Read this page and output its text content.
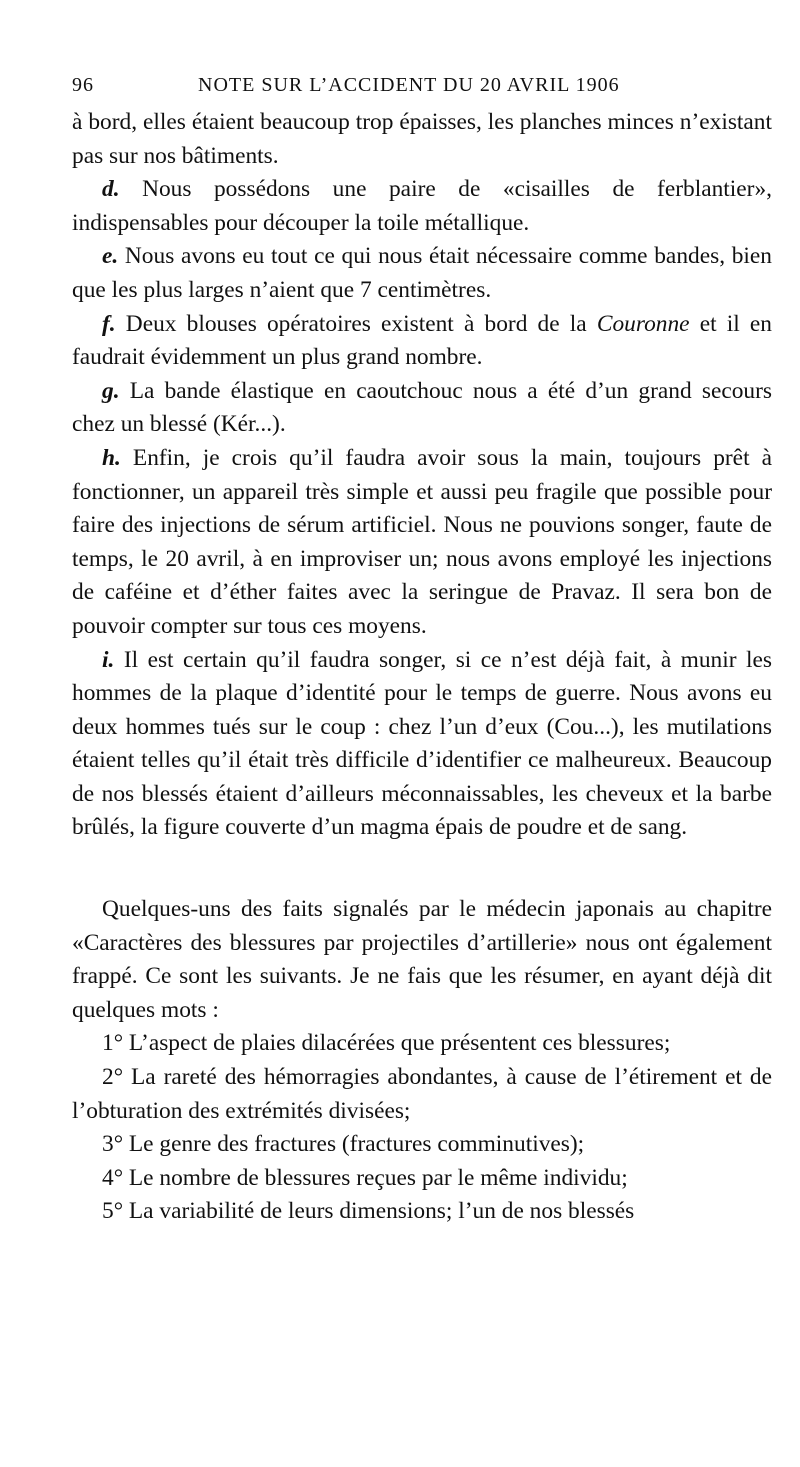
96	NOTE SUR L’ACCIDENT DU 20 AVRIL 1906

à bord, elles étaient beaucoup trop épaisses, les planches minces n’existant pas sur nos bâtiments.

d. Nous possédons une paire de «cisailles de ferblantier», indispensables pour découper la toile métallique.

e. Nous avons eu tout ce qui nous était nécessaire comme bandes, bien que les plus larges n’aient que 7 centimètres.

f. Deux blouses opératoires existent à bord de la Couronne et il en faudrait évidemment un plus grand nombre.

g. La bande élastique en caoutchouc nous a été d’un grand secours chez un blessé (Kér...).

h. Enfin, je crois qu’il faudra avoir sous la main, toujours prêt à fonctionner, un appareil très simple et aussi peu fragile que possible pour faire des injections de sérum artificiel. Nous ne pouvions songer, faute de temps, le 20 avril, à en improviser un; nous avons employé les injections de caféine et d’éther faites avec la seringue de Pravaz. Il sera bon de pouvoir compter sur tous ces moyens.

i. Il est certain qu’il faudra songer, si ce n’est déjà fait, à munir les hommes de la plaque d’identité pour le temps de guerre. Nous avons eu deux hommes tués sur le coup : chez l’un d’eux (Cou...), les mutilations étaient telles qu’il était très difficile d’identifier ce malheureux. Beaucoup de nos blessés étaient d’ailleurs méconnaissables, les cheveux et la barbe brûlés, la figure couverte d’un magma épais de poudre et de sang.

Quelques-uns des faits signalés par le médecin japonais au chapitre «Caractères des blessures par projectiles d’artillerie» nous ont également frappé. Ce sont les suivants. Je ne fais que les résumer, en ayant déjà dit quelques mots :

1° L’aspect de plaies dilacérées que présentent ces blessures;

2° La rareté des hémorragies abondantes, à cause de l’étirement et de l’obturation des extrémités divisées;

3° Le genre des fractures (fractures comminutives);

4° Le nombre de blessures reçues par le même individu;

5° La variabilité de leurs dimensions; l’un de nos blessés
